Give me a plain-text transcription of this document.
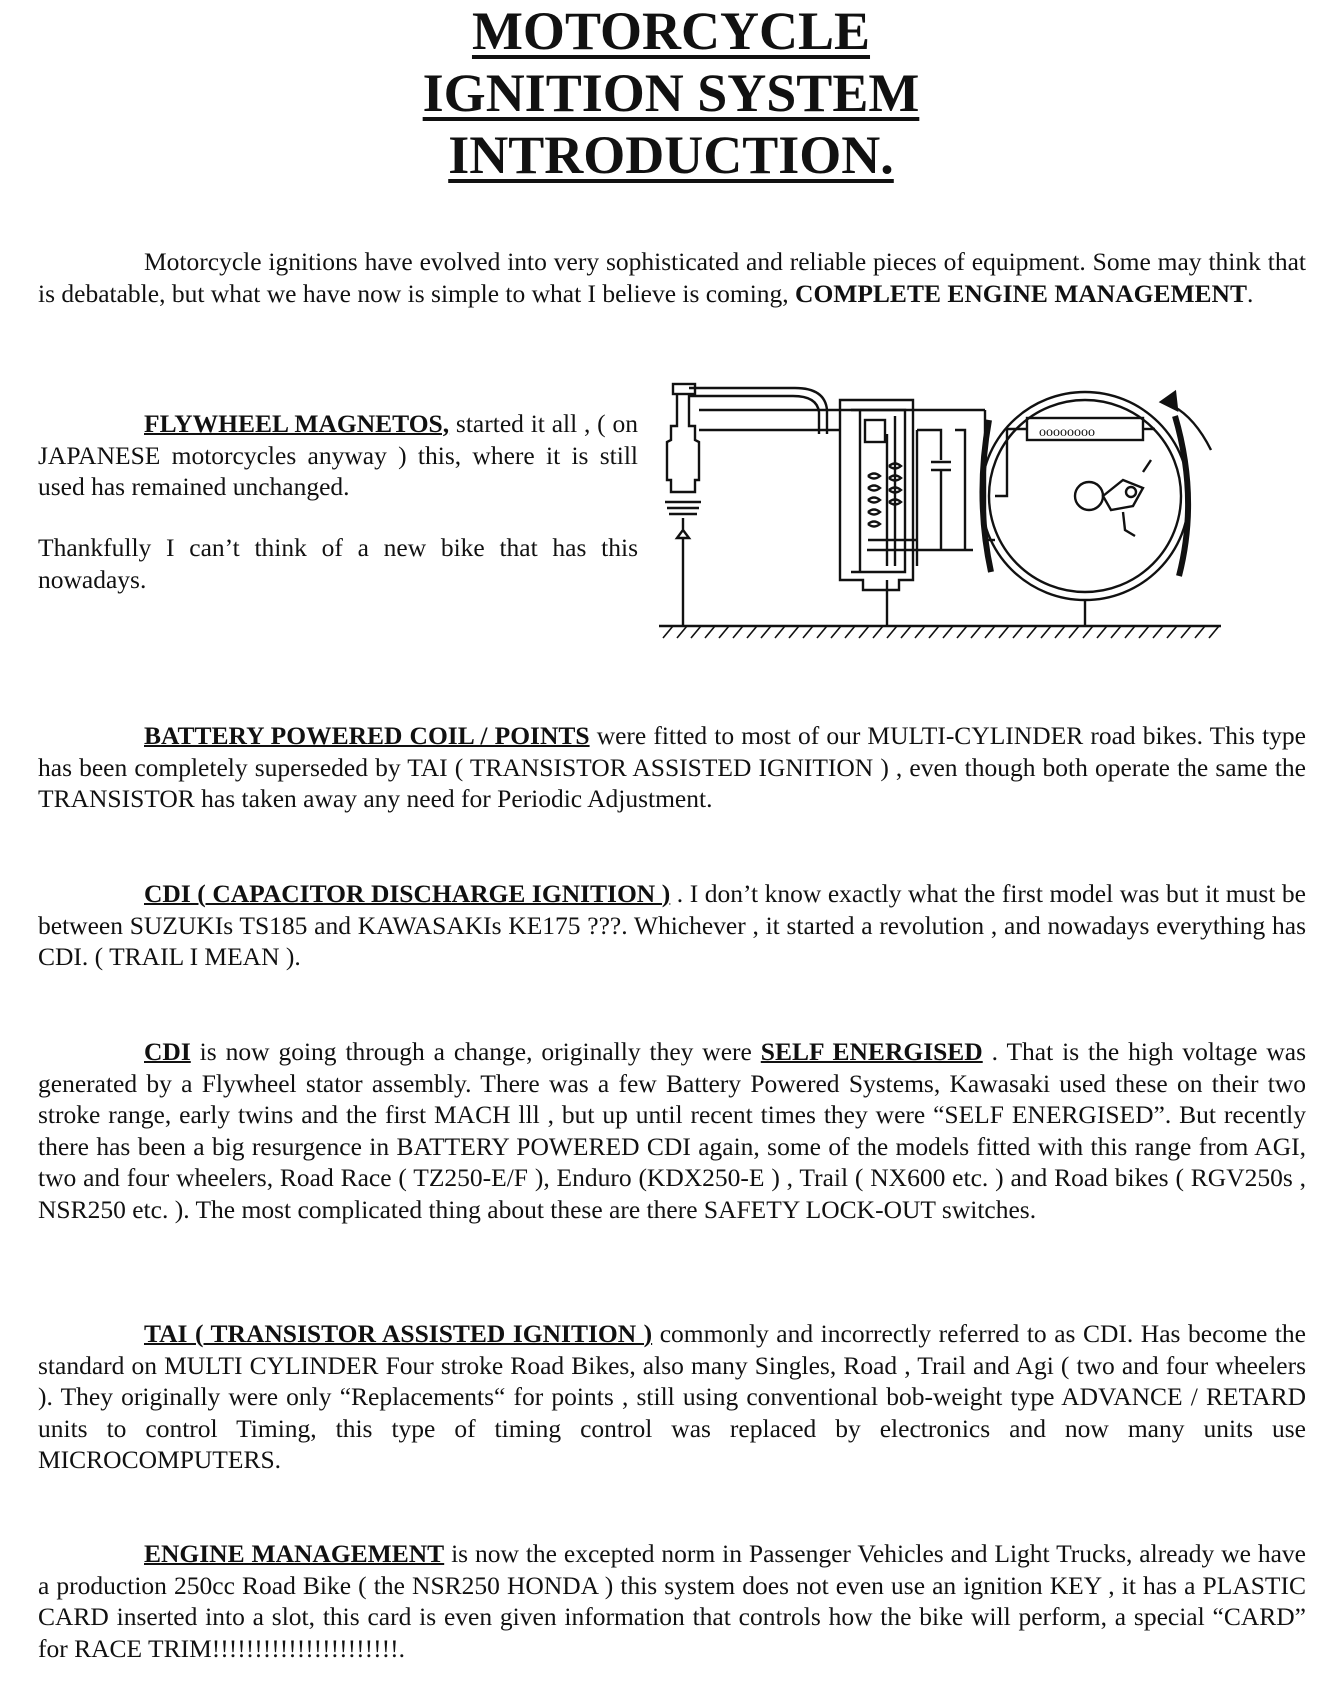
MOTORCYCLE
IGNITION SYSTEM
INTRODUCTION.
Motorcycle ignitions have evolved into very sophisticated and reliable pieces of equipment. Some may think that is debatable, but what we have now is simple to what I believe is coming, COMPLETE ENGINE MANAGEMENT.
FLYWHEEL MAGNETOS, started it all , ( on JAPANESE motorcycles anyway ) this, where it is still used has remained unchanged.
Thankfully I can’t think of a new bike that has this nowadays.
oooooooo
BATTERY POWERED COIL / POINTS were fitted to most of our MULTI-CYLINDER road bikes. This type has been completely superseded by TAI ( TRANSISTOR ASSISTED IGNITION ) , even though both operate the same the TRANSISTOR has taken away any need for Periodic Adjustment.
CDI ( CAPACITOR DISCHARGE IGNITION ) . I don’t know exactly what the first model was but it must be between SUZUKIs TS185 and KAWASAKIs KE175 ???. Whichever , it started a revolution , and nowadays everything has CDI. ( TRAIL I MEAN ).
CDI is now going through a change, originally they were SELF ENERGISED . That is the high voltage was generated by a Flywheel stator assembly. There was a few Battery Powered Systems, Kawasaki used these on their two stroke range, early twins and the first MACH lll , but up until recent times they were “SELF ENERGISED”. But recently there has been a big resurgence in BATTERY POWERED CDI again, some of the models fitted with this range from AGI, two and four wheelers, Road Race ( TZ250-E/F ), Enduro (KDX250-E ) , Trail ( NX600 etc. ) and Road bikes ( RGV250s , NSR250 etc. ). The most complicated thing about these are there SAFETY LOCK-OUT switches.
TAI ( TRANSISTOR ASSISTED IGNITION ) commonly and incorrectly referred to as CDI. Has become the standard on MULTI CYLINDER Four stroke Road Bikes, also many Singles, Road , Trail and Agi ( two and four wheelers ). They originally were only “Replacements“ for points , still using conventional bob-weight type ADVANCE / RETARD units to control Timing, this type of timing control was replaced by electronics and now many units use MICROCOMPUTERS.
ENGINE MANAGEMENT is now the excepted norm in Passenger Vehicles and Light Trucks, already we have a production 250cc Road Bike ( the NSR250 HONDA ) this system does not even use an ignition KEY , it has a PLASTIC CARD inserted into a slot, this card is even given information that controls how the bike will perform, a special “CARD” for RACE TRIM!!!!!!!!!!!!!!!!!!!!!!.
